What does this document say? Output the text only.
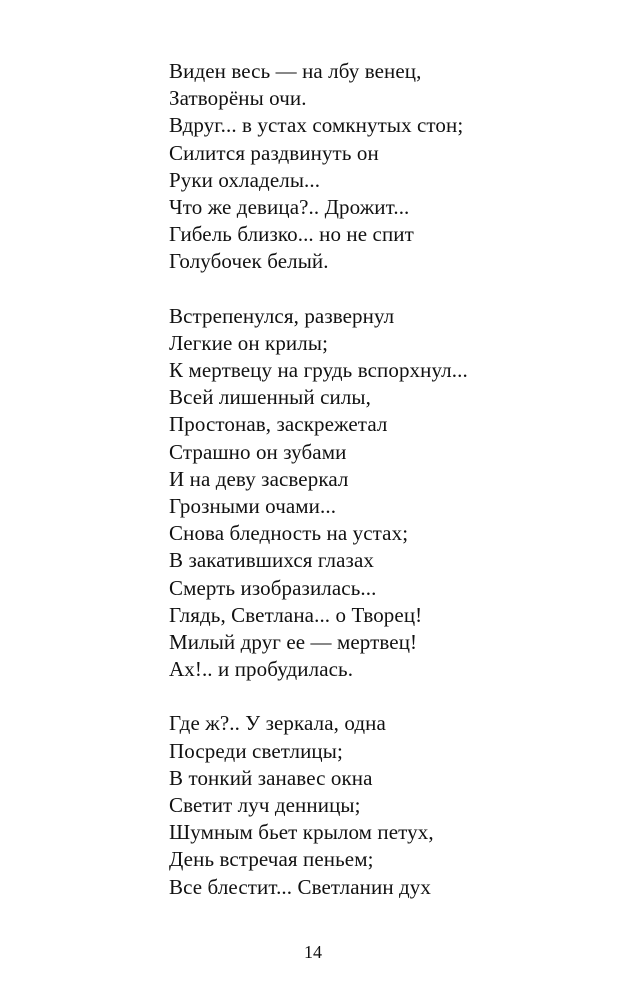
Виден весь — на лбу венец,
Затворёны очи.
Вдруг... в устах сомкнутых стон;
Силится раздвинуть он
Руки охладелы...
Что же девица?.. Дрожит...
Гибель близко... но не спит
Голубочек белый.
Встрепенулся, развернул
Легкие он крилы;
К мертвецу на грудь вспорхнул...
Всей лишенный силы,
Простонав, заскрежетал
Страшно он зубами
И на деву засверкал
Грозными очами...
Снова бледность на устах;
В закатившихся глазах
Смерть изобразилась...
Глядь, Светлана... о Творец!
Милый друг ее — мертвец!
Ах!.. и пробудилась.
Где ж?.. У зеркала, одна
Посреди светлицы;
В тонкий занавес окна
Светит луч денницы;
Шумным бьет крылом петух,
День встречая пеньем;
Все блестит... Светланин дух
14
